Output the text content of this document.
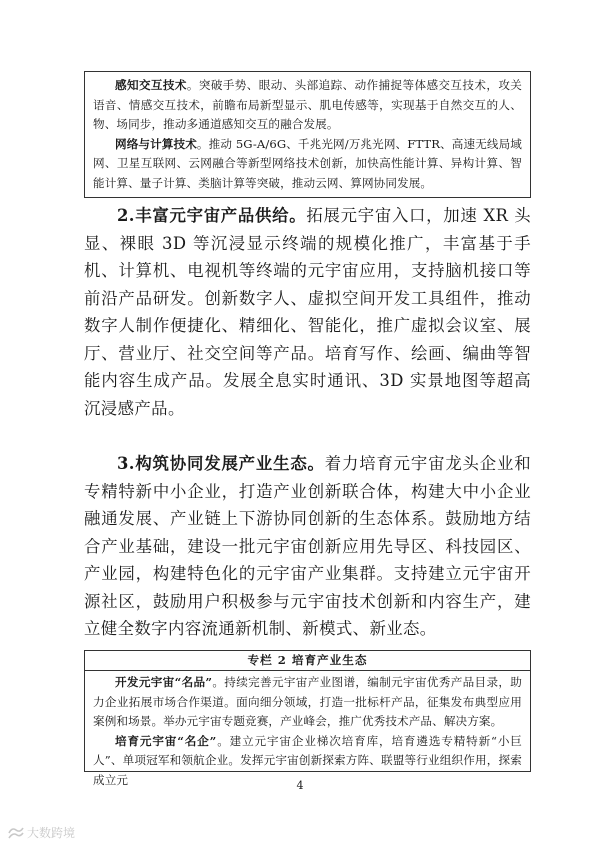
感知交互技术。突破手势、眼动、头部追踪、动作捕捉等体感交互技术，攻关语音、情感交互技术，前瞻布局新型显示、肌电传感等，实现基于自然交互的人、物、场同步，推动多通道感知交互的融合发展。

网络与计算技术。推动 5G-A/6G、千兆光网/万兆光网、FTTR、高速无线局域网、卫星互联网、云网融合等新型网络技术创新，加快高性能计算、异构计算、智能计算、量子计算、类脑计算等突破，推动云网、算网协同发展。

2.丰富元宇宙产品供给。拓展元宇宙入口，加速 XR 头显、裸眼 3D 等沉浸显示终端的规模化推广，丰富基于手机、计算机、电视机等终端的元宇宙应用，支持脑机接口等前沿产品研发。创新数字人、虚拟空间开发工具组件，推动数字人制作便捷化、精细化、智能化，推广虚拟会议室、展厅、营业厅、社交空间等产品。培育写作、绘画、编曲等智能内容生成产品。发展全息实时通讯、3D 实景地图等超高沉浸感产品。

3.构筑协同发展产业生态。着力培育元宇宙龙头企业和专精特新中小企业，打造产业创新联合体，构建大中小企业融通发展、产业链上下游协同创新的生态体系。鼓励地方结合产业基础，建设一批元宇宙创新应用先导区、科技园区、产业园，构建特色化的元宇宙产业集群。支持建立元宇宙开源社区，鼓励用户积极参与元宇宙技术创新和内容生产，建立健全数字内容流通新机制、新模式、新业态。

专栏 2 培育产业生态

开发元宇宙“名品”。持续完善元宇宙产业图谱，编制元宇宙优秀产品目录，助力企业拓展市场合作渠道。面向细分领域，打造一批标杆产品，征集发布典型应用案例和场景。举办元宇宙专题竞赛，产业峰会，推广优秀技术产品、解决方案。

培育元宇宙“名企”。建立元宇宙企业梯次培育库，培育遴选专精特新“小巨人”、单项冠军和领航企业。发挥元宇宙创新探索方阵、联盟等行业组织作用，探索成立元	4
大数跨境
